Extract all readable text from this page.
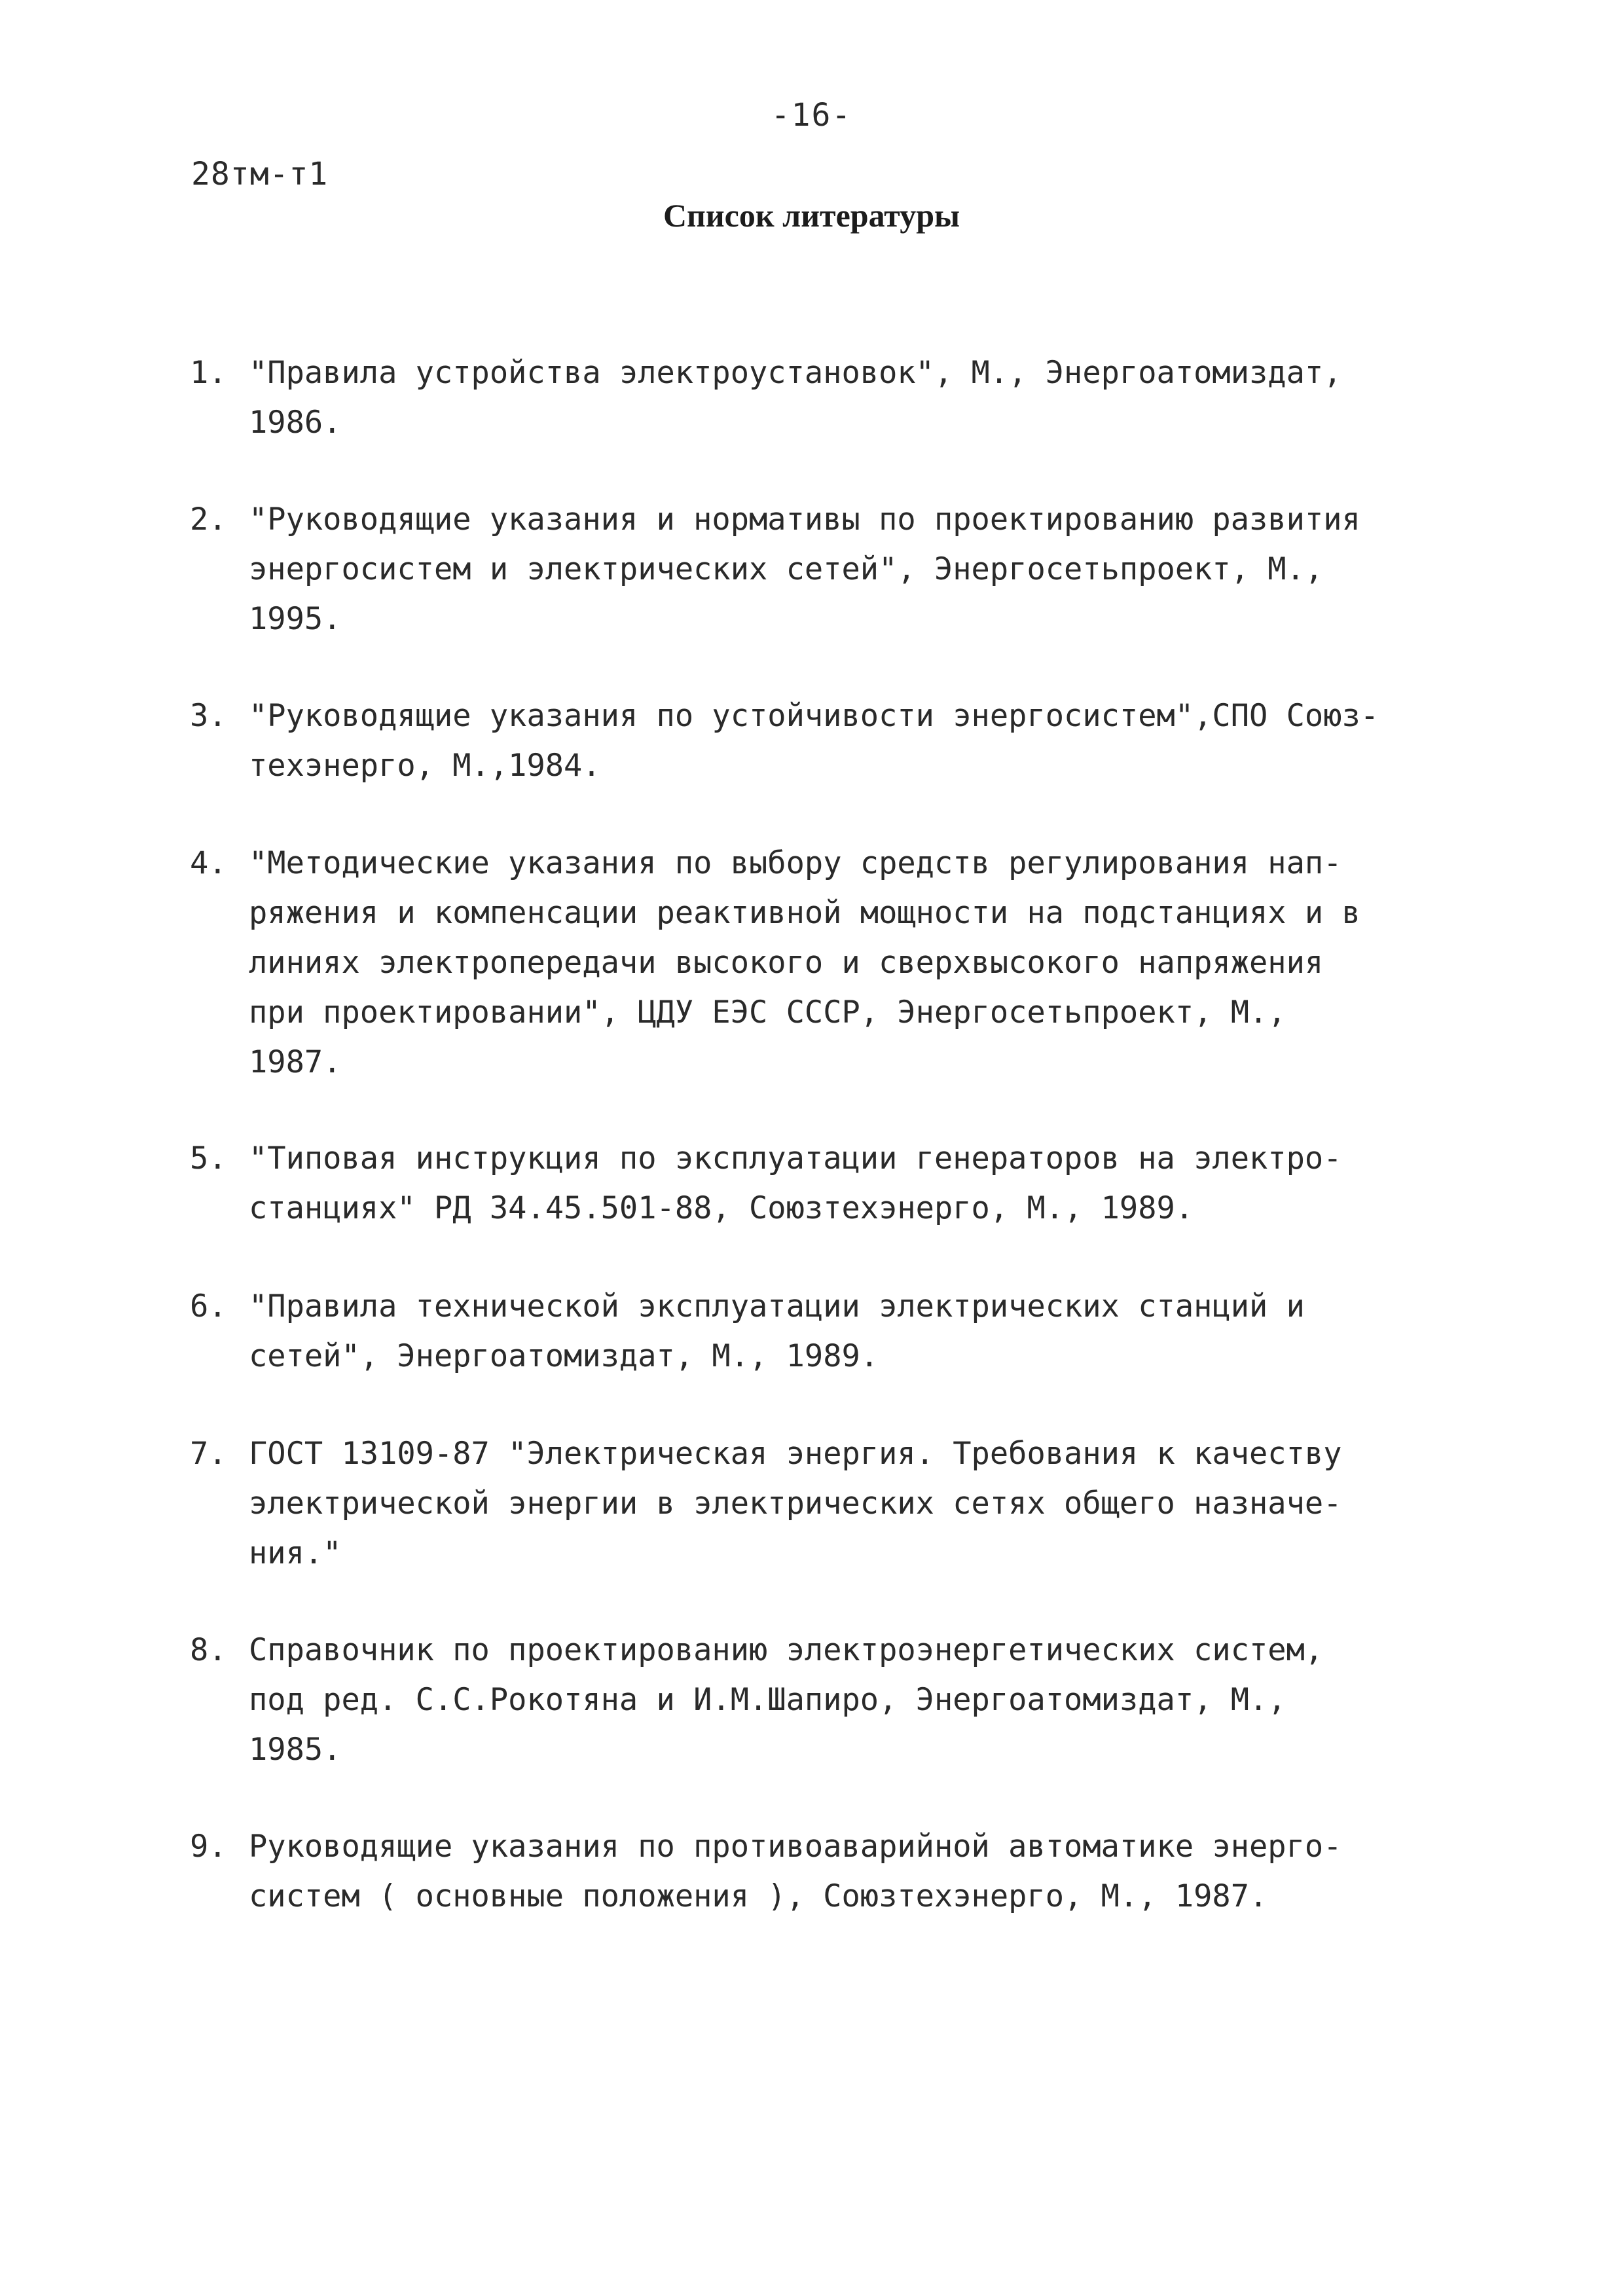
-16-
28тм-т1
Список литературы
1. "Правила устройства электроустановок", М., Энергоатомиздат,
1986.
2. "Руководящие указания и нормативы по проектированию развития
энергосистем и электрических сетей", Энергосетьпроект, М.,
1995.
3. "Руководящие указания по устойчивости энергосистем",СПО Союз-
техэнерго, М.,1984.
4. "Методические указания по выбору средств регулирования нап-
ряжения и компенсации реактивной мощности на подстанциях и в
линиях электропередачи высокого и сверхвысокого напряжения
при проектировании", ЦДУ ЕЭС СССР, Энергосетьпроект, М.,
1987.
5. "Типовая инструкция по эксплуатации генераторов на электро-
станциях" РД 34.45.501-88, Союзтехэнерго, М., 1989.
6. "Правила технической эксплуатации электрических станций и
сетей", Энергоатомиздат, М., 1989.
7. ГОСТ 13109-87 "Электрическая энергия. Требования к качеству
электрической энергии в электрических сетях общего назначе-
ния."
8. Справочник по проектированию электроэнергетических систем,
под ред. С.С.Рокотяна и И.М.Шапиро, Энергоатомиздат, М.,
1985.
9. Руководящие указания по противоаварийной автоматике энерго-
систем ( основные положения ), Союзтехэнерго, М., 1987.
